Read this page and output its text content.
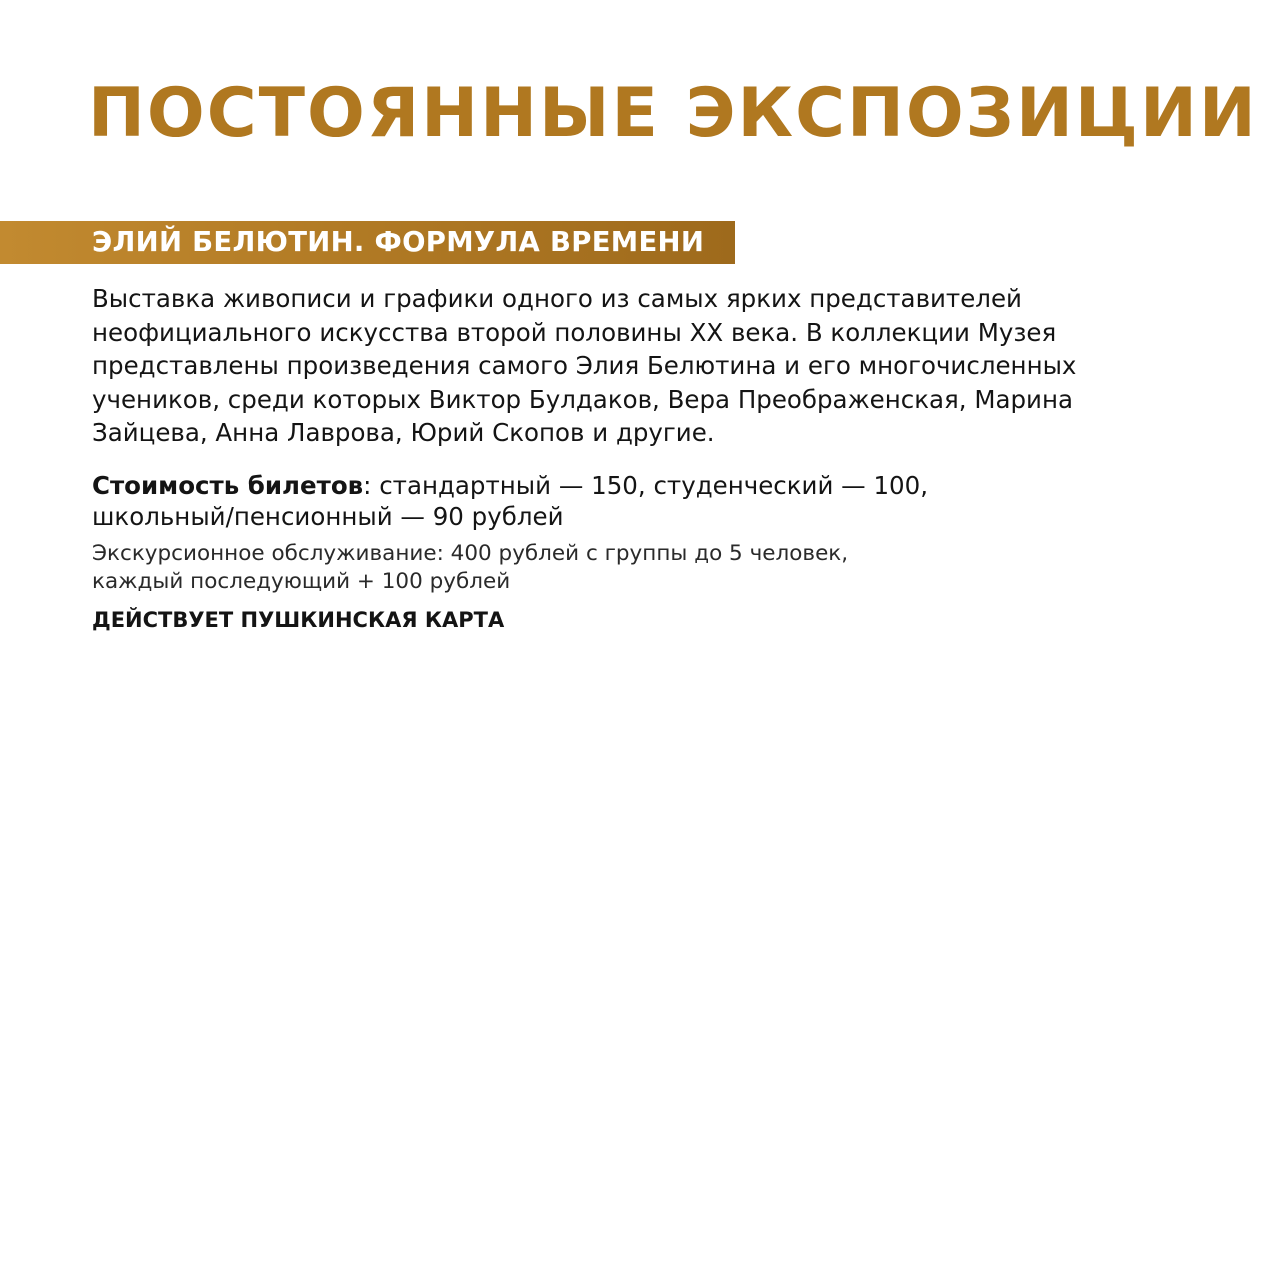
ПОСТОЯННЫЕ ЭКСПОЗИЦИИ
ЭЛИЙ БЕЛЮТИН. ФОРМУЛА ВРЕМЕНИ

Выставка живописи и графики одного из самых ярких представителей
неофициального искусства второй половины XX века. В коллекции Музея
представлены произведения самого Элия Белютина и его многочисленных
учеников, среди которых Виктор Булдаков, Вера Преображенская, Марина
Зайцева, Анна Лаврова, Юрий Скопов и другие.

Стоимость билетов: стандартный — 150, студенческий — 100,
школьный/пенсионный — 90 рублей

Экскурсионное обслуживание: 400 рублей с группы до 5 человек,
каждый последующий + 100 рублей

ДЕЙСТВУЕТ ПУШКИНСКАЯ КАРТА
